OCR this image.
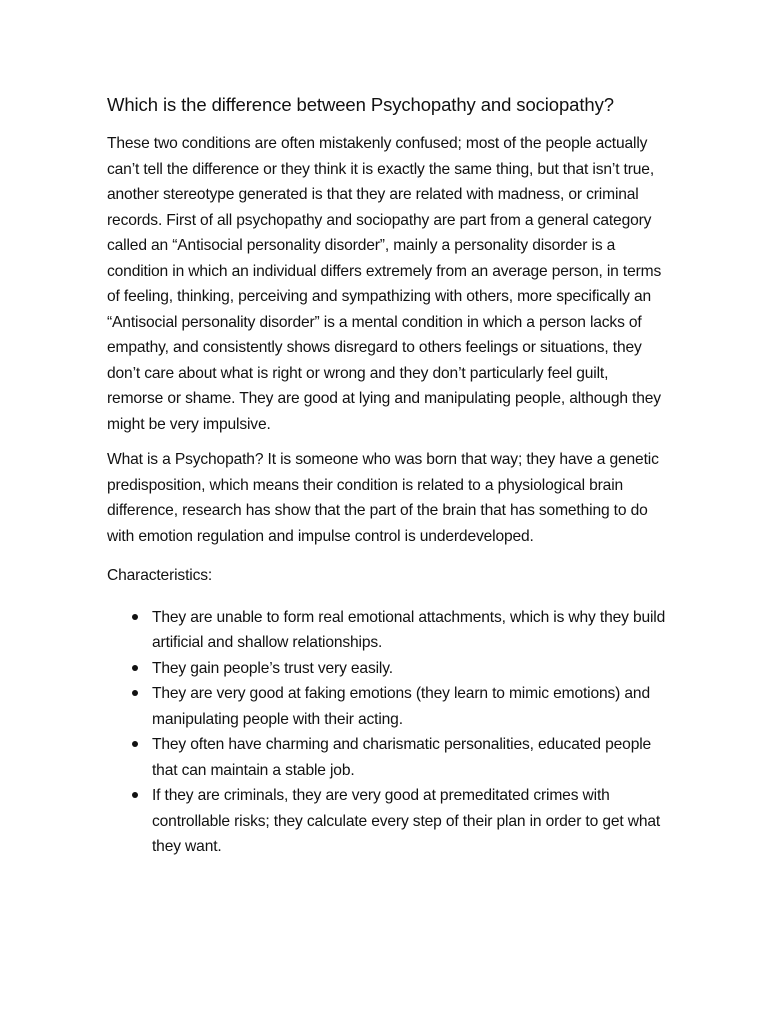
Which is the difference between Psychopathy and sociopathy?

These two conditions are often mistakenly confused; most of the people actually can’t tell the difference or they think it is exactly the same thing, but that isn’t true, another stereotype generated is that they are related with madness, or criminal records. First of all psychopathy and sociopathy are part from a general category called an “Antisocial personality disorder”, mainly a personality disorder is a condition in which an individual differs extremely from an average person, in terms of feeling, thinking, perceiving and sympathizing with others, more specifically an “Antisocial personality disorder” is a mental condition in which a person lacks of empathy, and consistently shows disregard to others feelings or situations, they don’t care about what is right or wrong and they don’t particularly feel guilt, remorse or shame. They are good at lying and manipulating people, although they might be very impulsive.

What is a Psychopath? It is someone who was born that way; they have a genetic predisposition, which means their condition is related to a physiological brain difference, research has show that the part of the brain that has something to do with emotion regulation and impulse control is underdeveloped.

Characteristics:

They are unable to form real emotional attachments, which is why they build artificial and shallow relationships.
They gain people’s trust very easily.
They are very good at faking emotions (they learn to mimic emotions) and manipulating people with their acting.
They often have charming and charismatic personalities, educated people that can maintain a stable job.
If they are criminals, they are very good at premeditated crimes with controllable risks; they calculate every step of their plan in order to get what they want.
